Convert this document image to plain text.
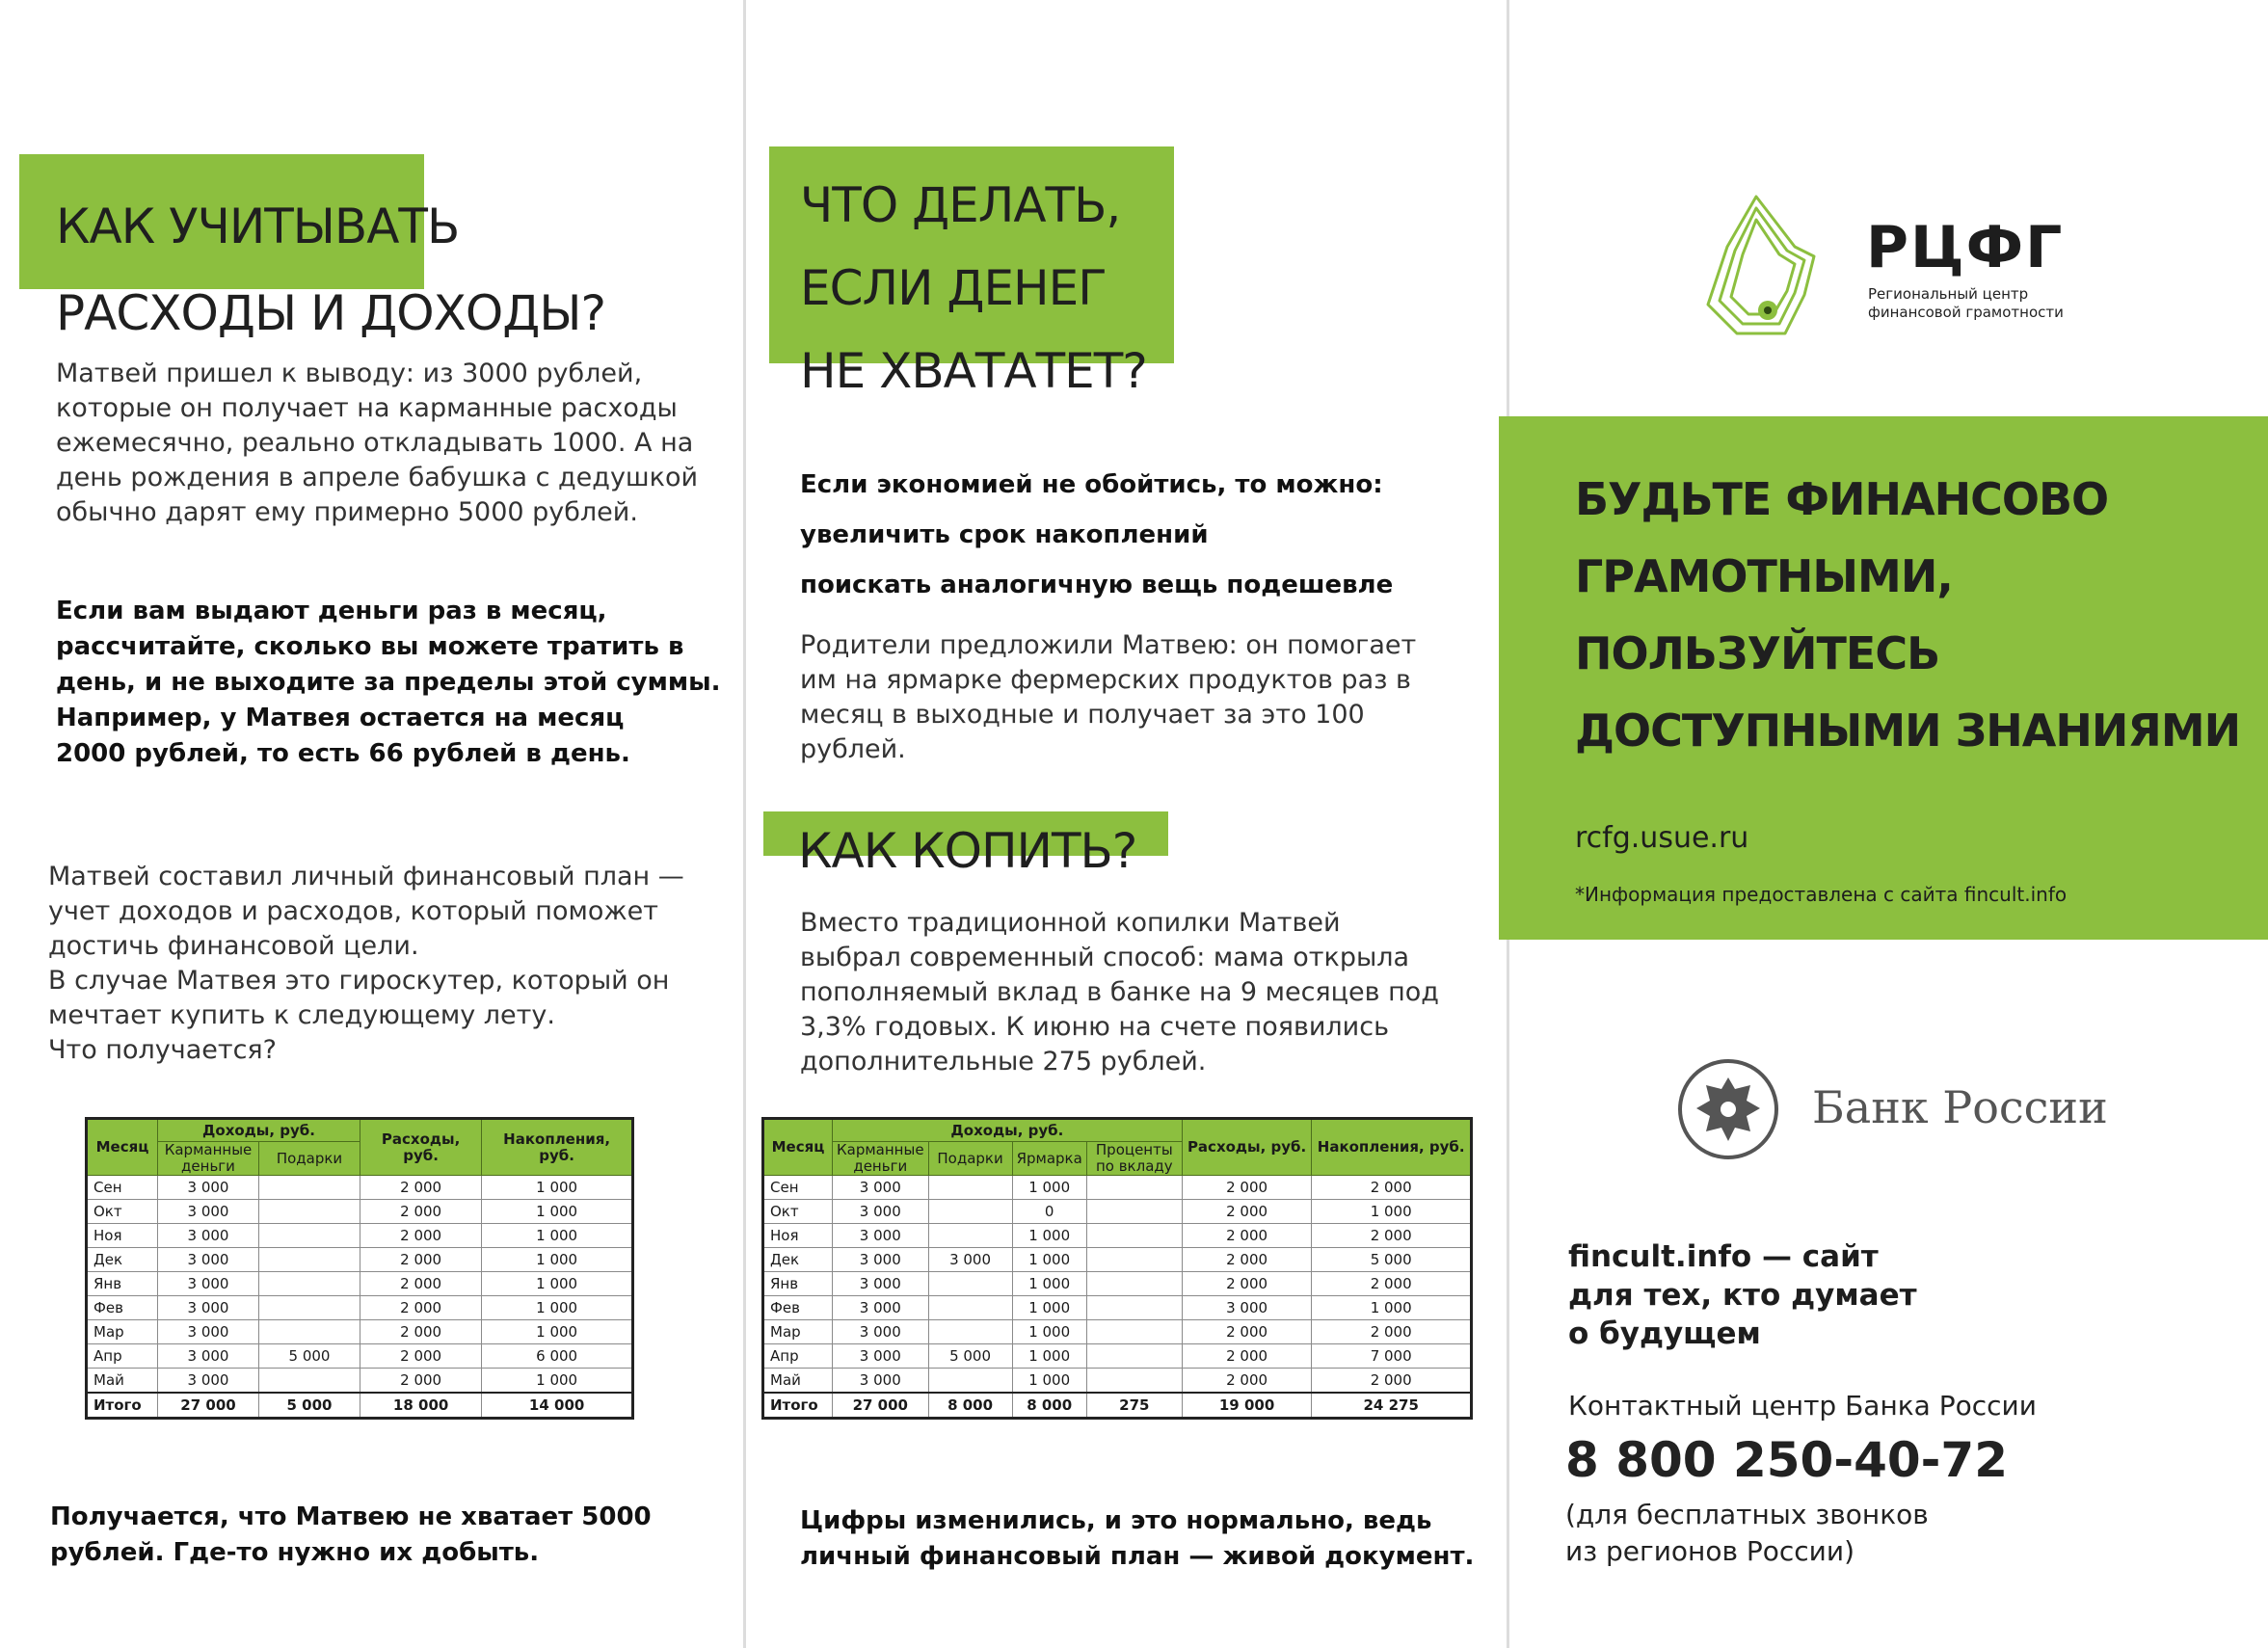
КАК УЧИТЫВАТЬ
РАСХОДЫ И ДОХОДЫ?
Матвей пришел к выводу: из 3000 рублей,
которые он получает на карманные расходы
ежемесячно, реально откладывать 1000. А на
день рождения в апреле бабушка с дедушкой
обычно дарят ему примерно 5000 рублей.
Если вам выдают деньги раз в месяц,
рассчитайте, сколько вы можете тратить в
день, и не выходите за пределы этой суммы.
Например, у Матвея остается на месяц
2000 рублей, то есть 66 рублей в день.
Матвей составил личный финансовый план —
учет доходов и расходов, который поможет
достичь финансовой цели.
В случае Матвея это гироскутер, который он
мечтает купить к следующему лету.
Что получается?
Месяц	Доходы, руб.		Расходы, руб.	Накопления, руб.
	Карманные деньги	Подарки		
Сен	3 000		2 000	1 000
Окт	3 000		2 000	1 000
Ноя	3 000		2 000	1 000
Дек	3 000		2 000	1 000
Янв	3 000		2 000	1 000
Фев	3 000		2 000	1 000
Мар	3 000		2 000	1 000
Апр	3 000	5 000	2 000	6 000
Май	3 000		2 000	1 000
Итого	27 000	5 000	18 000	14 000
Получается, что Матвею не хватает 5000
рублей. Где-то нужно их добыть.
ЧТО ДЕЛАТЬ,
ЕСЛИ ДЕНЕГ
НЕ ХВАТАТЕТ?
Если экономией не обойтись, то можно:
увеличить срок накоплений
поискать аналогичную вещь подешевле
Родители предложили Матвею: он помогает
им на ярмарке фермерских продуктов раз в
месяц в выходные и получает за это 100
рублей.
КАК КОПИТЬ?
Вместо традиционной копилки Матвей
выбрал современный способ: мама открыла
пополняемый вклад в банке на 9 месяцев под
3,3% годовых. К июню на счете появились
дополнительные 275 рублей.
Месяц	Доходы, руб.				Расходы, руб.	Накопления, руб.
	Карманные деньги	Подарки	Ярмарка	Проценты по вкладу		
Сен	3 000		1 000		2 000	2 000
Окт	3 000		0		2 000	1 000
Ноя	3 000		1 000		2 000	2 000
Дек	3 000	3 000	1 000		2 000	5 000
Янв	3 000		1 000		2 000	2 000
Фев	3 000		1 000		3 000	1 000
Мар	3 000		1 000		2 000	2 000
Апр	3 000	5 000	1 000		2 000	7 000
Май	3 000		1 000		2 000	2 000
Итого	27 000	8 000	8 000	275	19 000	24 275
Цифры изменились, и это нормально, ведь
личный финансовый план — живой документ.
РЦФГ
Региональный центр
финансовой грамотности
БУДЬТЕ ФИНАНСОВО
ГРАМОТНЫМИ,
ПОЛЬЗУЙТЕСЬ
ДОСТУПНЫМИ ЗНАНИЯМИ
rcfg.usue.ru
*Информация предоставлена с сайта fincult.info
Банк России
fincult.info — сайт
для тех, кто думает
о будущем
Контактный центр Банка России
8 800 250-40-72
(для бесплатных звонков
из регионов России)
